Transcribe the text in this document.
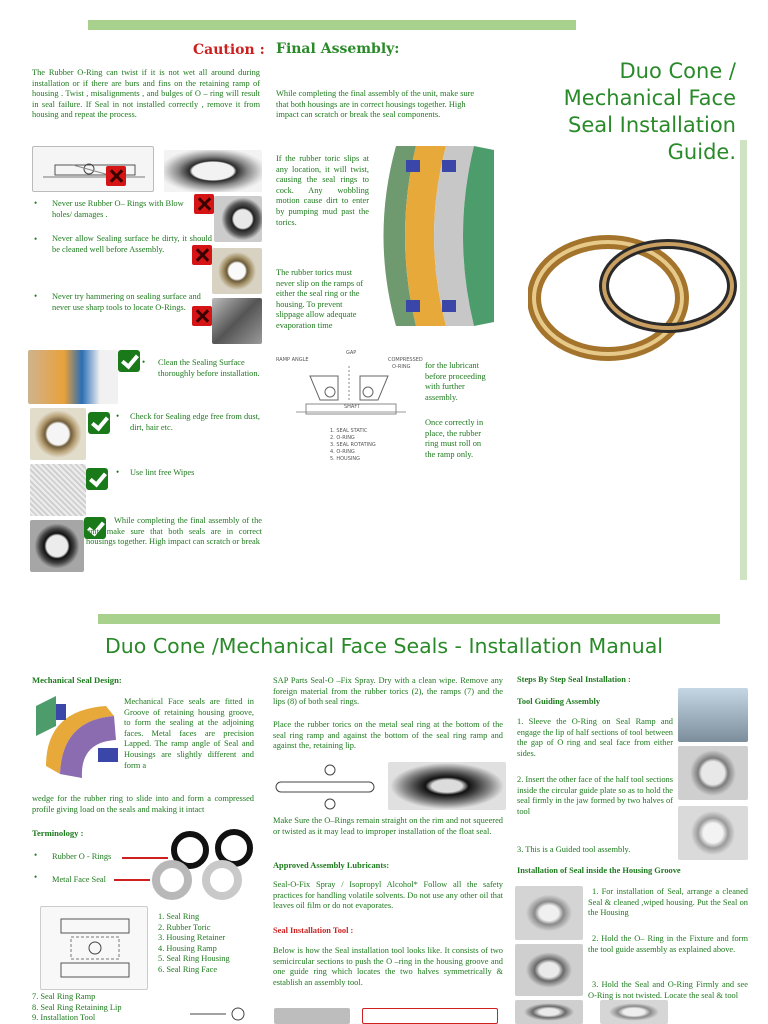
Caution : Final Assembly:
Duo Cone /
Mechanical Face
Seal Installation
Guide.
The Rubber O-Ring can twist if it is not wet all around during installation or if there are burs and fins on the retaining ramp of housing . Twist , misalignments , and bulges of O – ring will result in seal failure. If Seal in not installed correctly , remove it from housing and repeat the process.
• Never use Rubber O– Rings with Blow holes/ damages .
• Never allow Sealing surface be dirty, it should be cleaned well before Assembly.
• Never try hammering on sealing surface and never use sharp tools to locate O-Rings.
• Clean the Sealing Surface thoroughly before installation.
• Check for Sealing edge free from dust, dirt, hair etc.
• Use lint free Wipes
While completing the final assembly of the unit, make sure that both seals are in correct housings together. High impact can scratch or break
While completing the final assembly of the unit, make sure that both housings are in correct housings together. High impact can scratch or break the seal components.
If the rubber toric slips at any location, it will twist, causing the seal rings to cock. Any wobbling motion cause dirt to enter by pumping mud past the torics.
The rubber torics must never slip on the ramps of either the seal ring or the housing. To prevent slippage allow adequate evaporation time
RAMP ANGLE
GAP
COMPRESSED
O-RING
SHAFT
1. SEAL STATIC
2. O-RING
3. SEAL ROTATING
4. O-RING
5. HOUSING
for the lubricant before proceeding with further assembly.
Once correctly in place, the rubber ring must roll on the ramp only.
Duo Cone /Mechanical Face Seals - Installation Manual
Mechanical Seal Design:
Mechanical Face seals are fitted in Groove of retaining housing groove, to form the sealing at the adjoining faces. Metal faces are precision Lapped. The ramp angle of Seal and Housings are slightly different and form a
wedge for the rubber ring to slide into and form a compressed profile giving load on the seals and making it intact
Terminology :
• Rubber O - Rings
• Metal Face Seal
1. Seal Ring
2. Rubber Toric
3. Housing Retainer
4. Housing Ramp
5. Seal Ring Housing
6. Seal Ring Face
7. Seal Ring Ramp
8. Seal Ring Retaining Lip
9. Installation Tool
SAP Parts Seal-O –Fix Spray. Dry with a clean wipe. Remove any foreign material from the rubber torics (2), the ramps (7) and the lips (8) of both seal rings.
Place the rubber torics on the metal seal ring at the bottom of the seal ring ramp and against the bottom of the seal ring ramp and against the, retaining lip.
Make Sure the O–Rings remain straight on the rim and not squeered or twisted as it may lead to improper installation of the float seal.
Approved Assembly Lubricants:
Seal-O-Fix Spray / Isopropyl Alcohol* Follow all the safety practices for handling volatile solvents. Do not use any other oil that leaves oil film or do not evaporates.
Seal Installation Tool :
Below is how the Seal installation tool looks like. It consists of two semicircular sections to push the O –ring in the housing groove and one guide ring which locates the two halves symmetrically & establish an assembly tool.
Steps By Step Seal Installation :
Tool Guiding Assembly
1. Sleeve the O-Ring on Seal Ramp and engage the lip of half sections of tool between the gap of O ring and seal face from either sides.
2. Insert the other face of the half tool sections inside the circular guide plate so as to hold the seal firmly in the jaw formed by two halves of tool
3. This is a Guided tool assembly.
Installation of Seal inside the Housing Groove
1. For installation of Seal, arrange a cleaned Seal & cleaned ,wiped housing. Put the Seal on the Housing
2. Hold the O– Ring in the Fixture and form the tool guide assembly as explained above.
3. Hold the Seal and O-Ring Firmly and see O-Ring is not twisted. Locate the seal & tool
